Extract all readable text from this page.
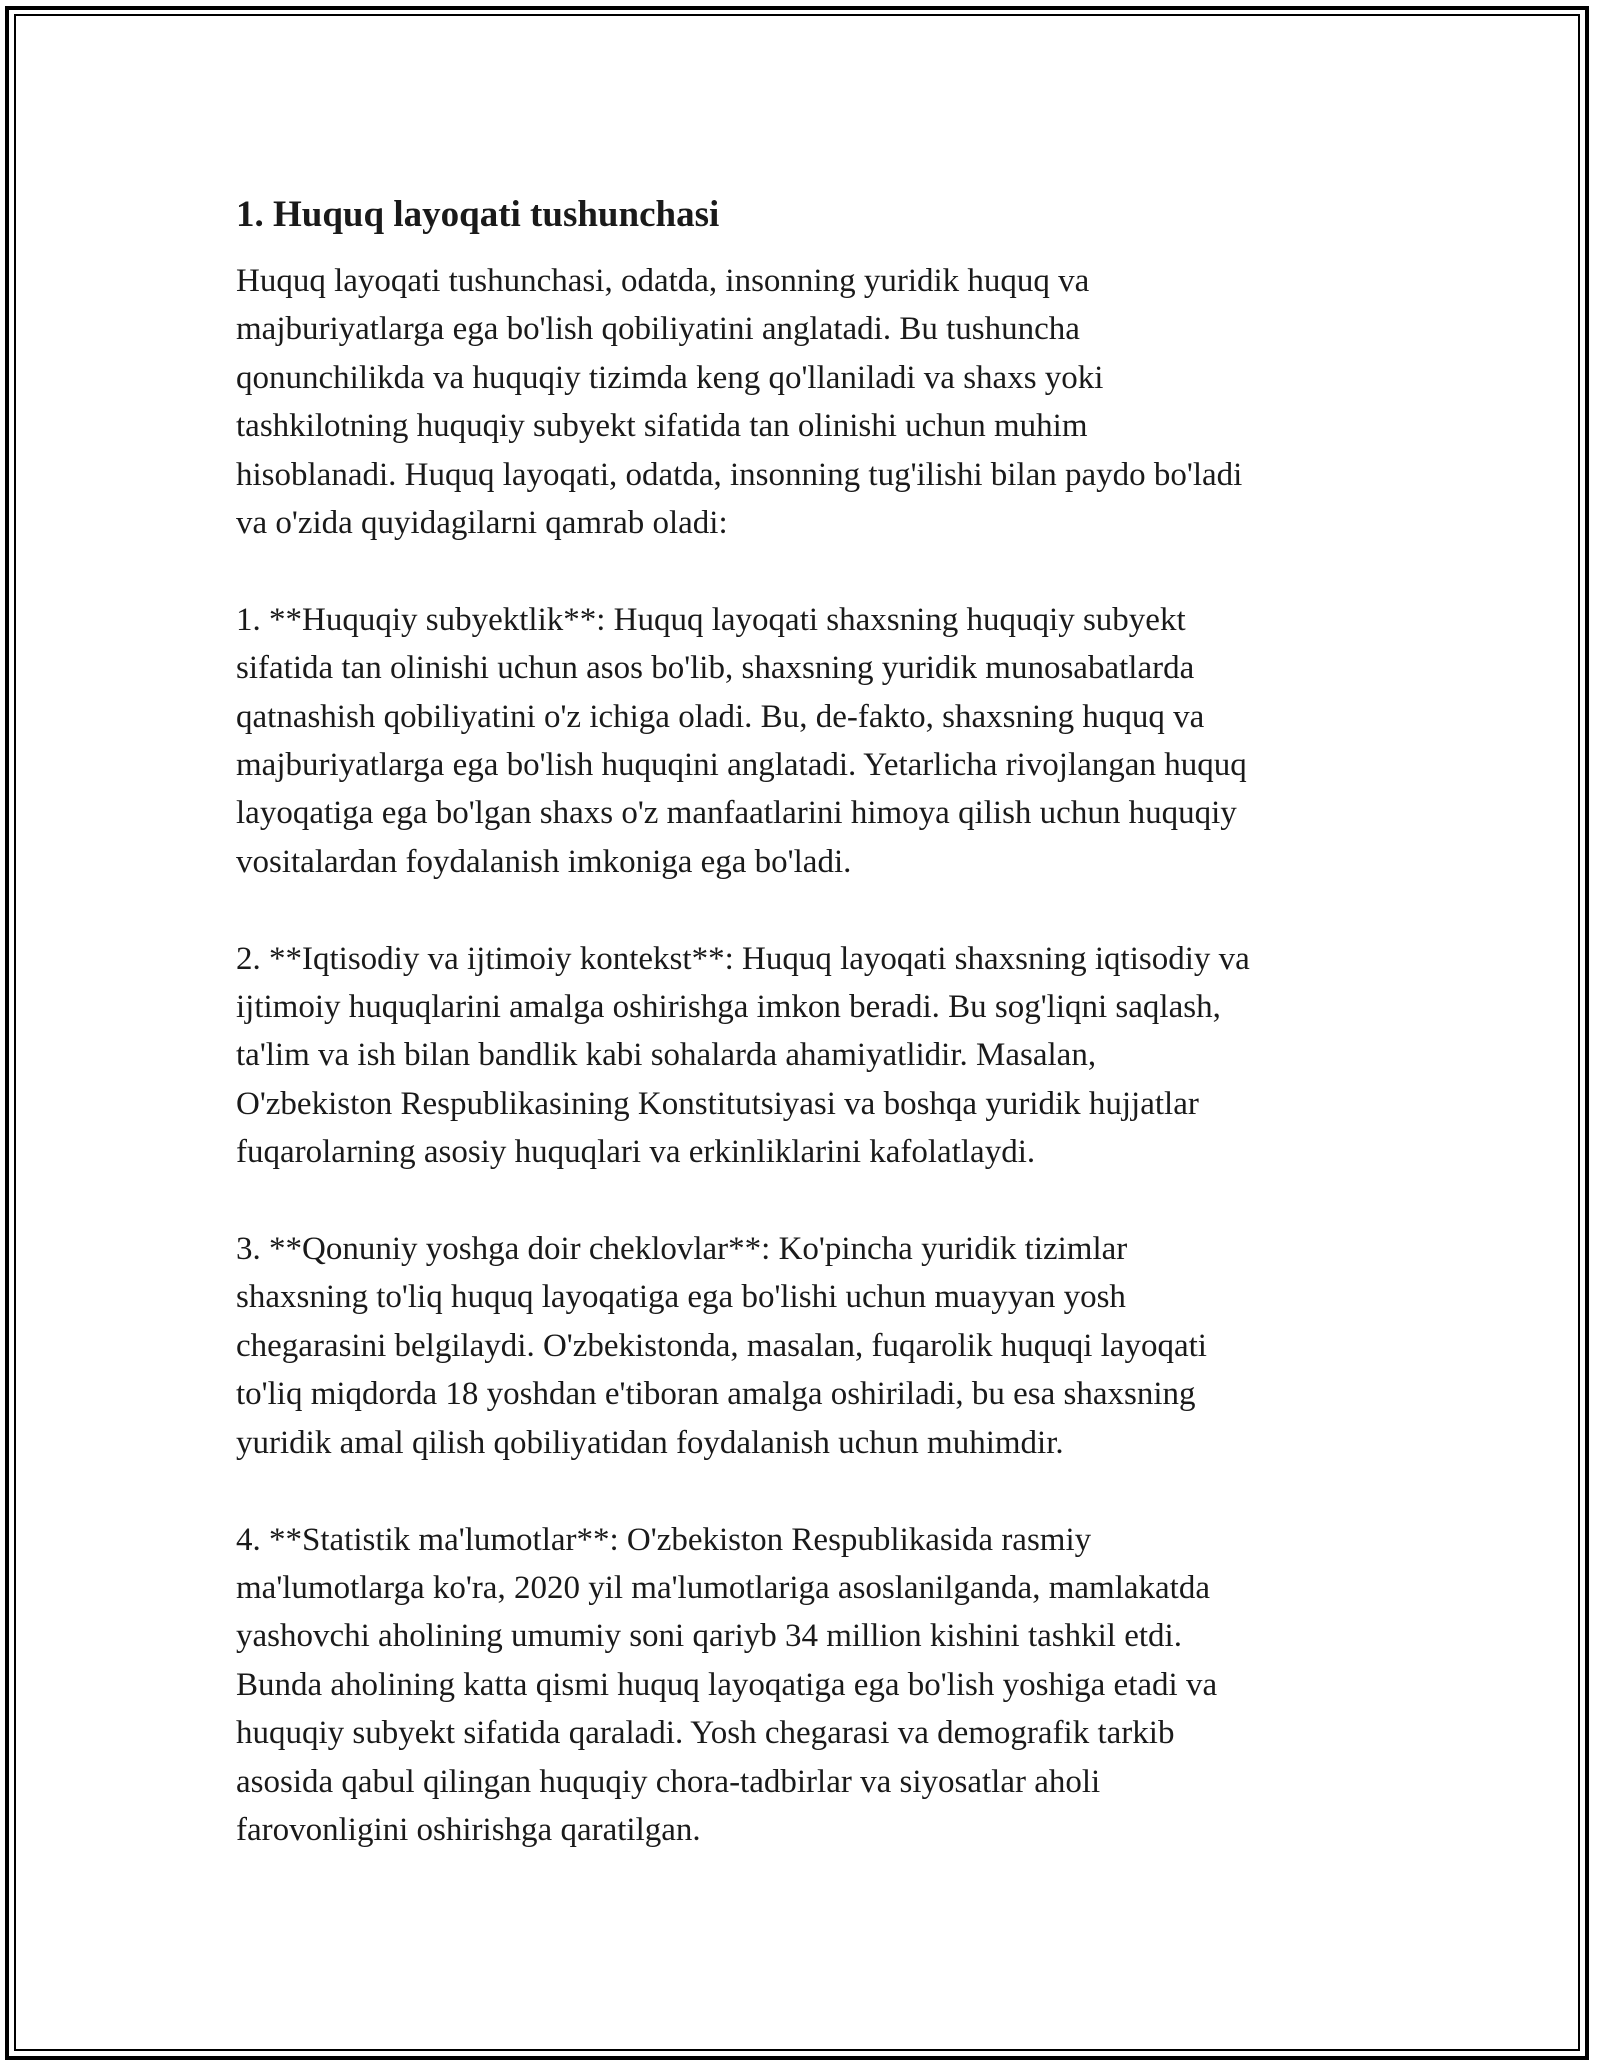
1. Huquq layoqati tushunchasi

Huquq layoqati tushunchasi, odatda, insonning yuridik huquq va
majburiyatlarga ega bo'lish qobiliyatini anglatadi. Bu tushuncha
qonunchilikda va huquqiy tizimda keng qo'llaniladi va shaxs yoki
tashkilotning huquqiy subyekt sifatida tan olinishi uchun muhim
hisoblanadi. Huquq layoqati, odatda, insonning tug'ilishi bilan paydo bo'ladi
va o'zida quyidagilarni qamrab oladi:

1. **Huquqiy subyektlik**: Huquq layoqati shaxsning huquqiy subyekt
sifatida tan olinishi uchun asos bo'lib, shaxsning yuridik munosabatlarda
qatnashish qobiliyatini o'z ichiga oladi. Bu, de-fakto, shaxsning huquq va
majburiyatlarga ega bo'lish huquqini anglatadi. Yetarlicha rivojlangan huquq
layoqatiga ega bo'lgan shaxs o'z manfaatlarini himoya qilish uchun huquqiy
vositalardan foydalanish imkoniga ega bo'ladi.

2. **Iqtisodiy va ijtimoiy kontekst**: Huquq layoqati shaxsning iqtisodiy va
ijtimoiy huquqlarini amalga oshirishga imkon beradi. Bu sog'liqni saqlash,
ta'lim va ish bilan bandlik kabi sohalarda ahamiyatlidir. Masalan,
O'zbekiston Respublikasining Konstitutsiyasi va boshqa yuridik hujjatlar
fuqarolarning asosiy huquqlari va erkinliklarini kafolatlaydi.

3. **Qonuniy yoshga doir cheklovlar**: Ko'pincha yuridik tizimlar
shaxsning to'liq huquq layoqatiga ega bo'lishi uchun muayyan yosh
chegarasini belgilaydi. O'zbekistonda, masalan, fuqarolik huquqi layoqati
to'liq miqdorda 18 yoshdan e'tiboran amalga oshiriladi, bu esa shaxsning
yuridik amal qilish qobiliyatidan foydalanish uchun muhimdir.

4. **Statistik ma'lumotlar**: O'zbekiston Respublikasida rasmiy
ma'lumotlarga ko'ra, 2020 yil ma'lumotlariga asoslanilganda, mamlakatda
yashovchi aholining umumiy soni qariyb 34 million kishini tashkil etdi.
Bunda aholining katta qismi huquq layoqatiga ega bo'lish yoshiga etadi va
huquqiy subyekt sifatida qaraladi. Yosh chegarasi va demografik tarkib
asosida qabul qilingan huquqiy chora-tadbirlar va siyosatlar aholi
farovonligini oshirishga qaratilgan.
